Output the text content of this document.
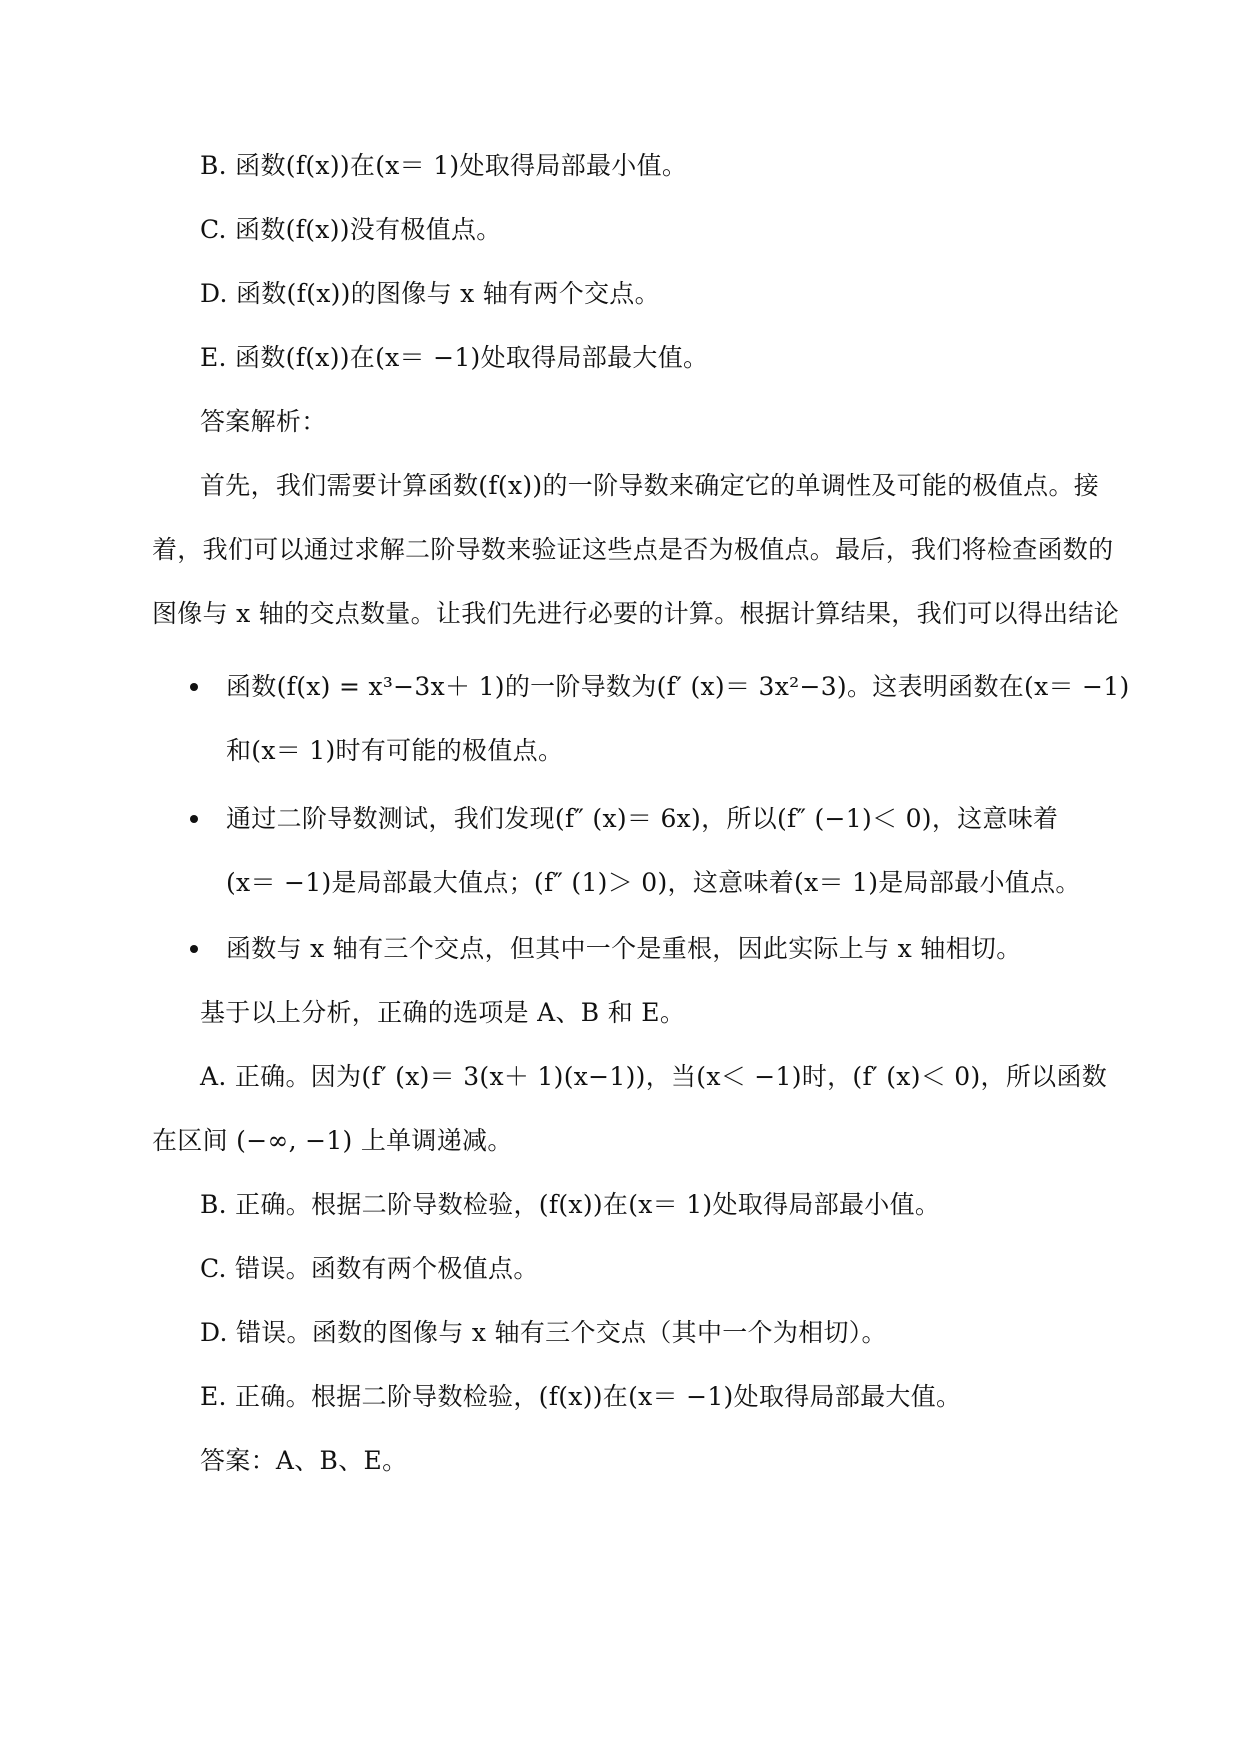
B. 函数(f(x))在(x＝ 1)处取得局部最小值。
C. 函数(f(x))没有极值点。
D. 函数(f(x))的图像与 x 轴有两个交点。
E. 函数(f(x))在(x＝ −1)处取得局部最大值。
答案解析：
首先，我们需要计算函数(f(x))的一阶导数来确定它的单调性及可能的极值点。接
着，我们可以通过求解二阶导数来验证这些点是否为极值点。最后，我们将检查函数的
图像与 x 轴的交点数量。让我们先进行必要的计算。根据计算结果，我们可以得出结论
函数(f(x) = x³−3x＋ 1)的一阶导数为(f′ (x)＝ 3x²−3)。这表明函数在(x＝ −1)
和(x＝ 1)时有可能的极值点。
通过二阶导数测试，我们发现(f″ (x)＝ 6x)，所以(f″ (−1)＜ 0)，这意味着
(x＝ −1)是局部最大值点；(f″ (1)＞ 0)，这意味着(x＝ 1)是局部最小值点。
函数与 x 轴有三个交点，但其中一个是重根，因此实际上与 x 轴相切。
基于以上分析，正确的选项是 A、B 和 E。
A. 正确。因为(f′ (x)＝ 3(x＋ 1)(x−1))，当(x＜ −1)时，(f′ (x)＜ 0)，所以函数
在区间 (−∞, −1) 上单调递减。
B. 正确。根据二阶导数检验，(f(x))在(x＝ 1)处取得局部最小值。
C. 错误。函数有两个极值点。
D. 错误。函数的图像与 x 轴有三个交点（其中一个为相切）。
E. 正确。根据二阶导数检验，(f(x))在(x＝ −1)处取得局部最大值。
答案：A、B、E。
